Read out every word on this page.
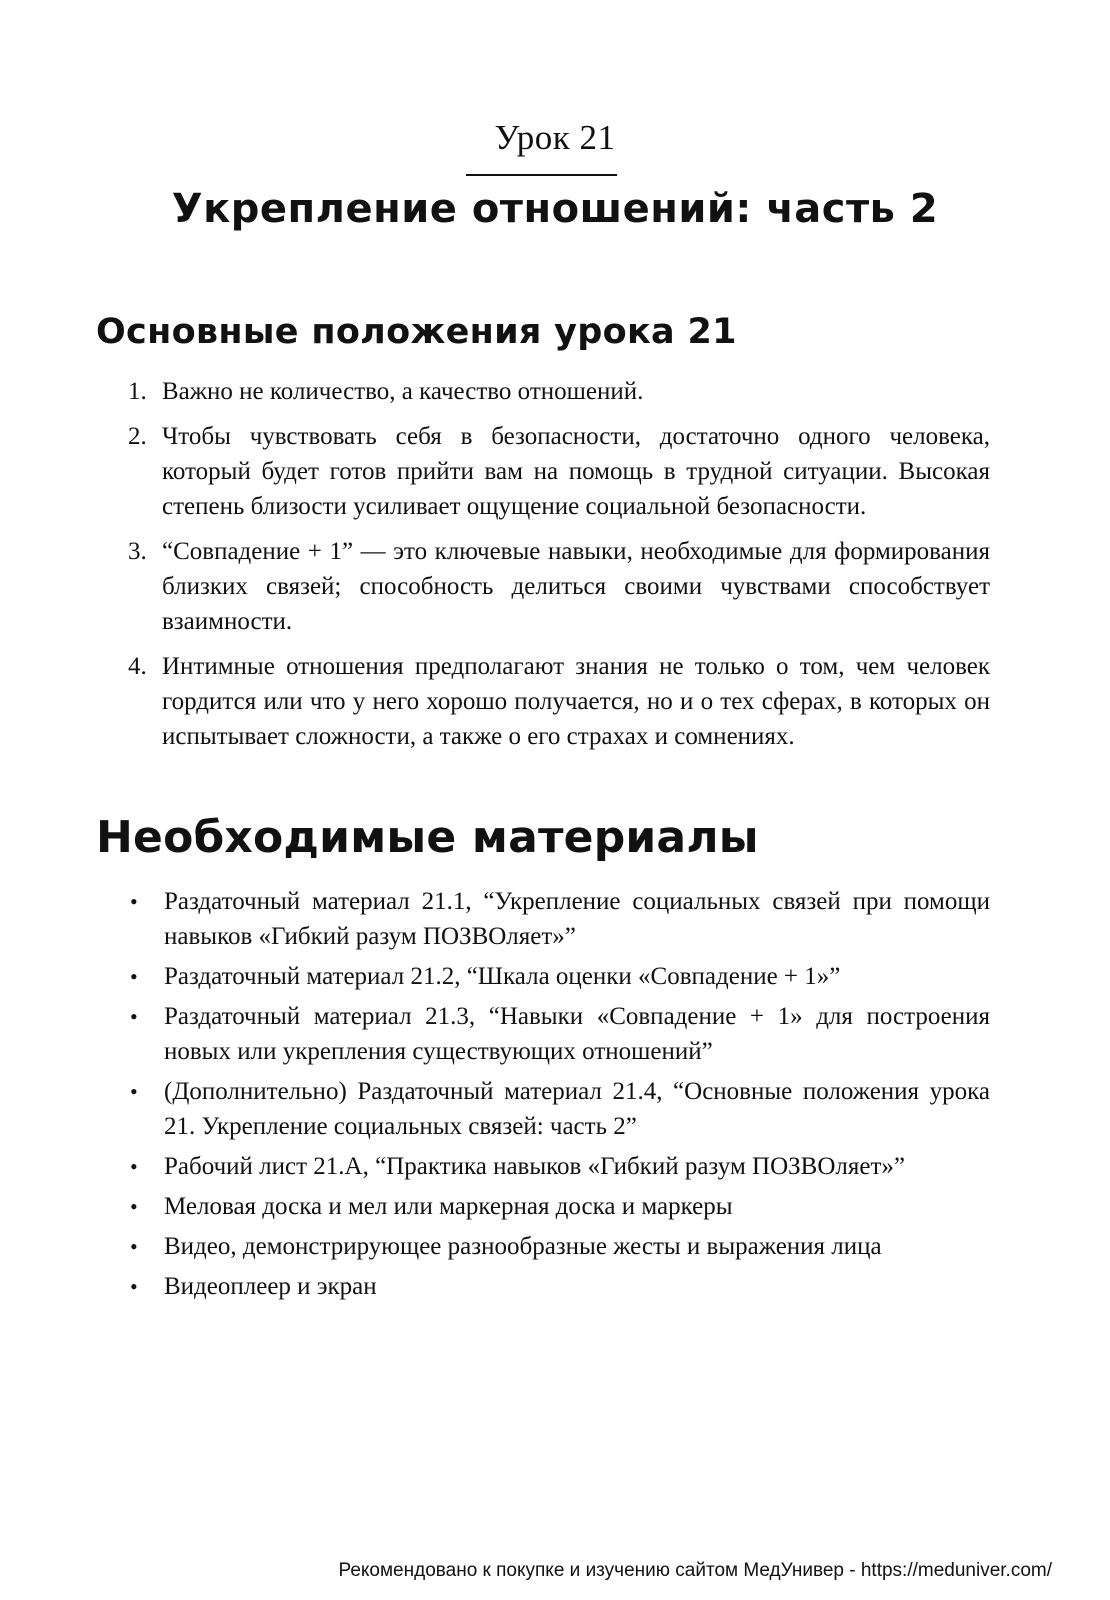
Урок 21
Укрепление отношений: часть 2
Основные положения урока 21
1. Важно не количество, а качество отношений.
2. Чтобы чувствовать себя в безопасности, достаточно одного человека, который будет готов прийти вам на помощь в трудной ситуации. Высокая степень близости усиливает ощущение социальной безопасности.
3. “Совпадение + 1” — это ключевые навыки, необходимые для формирования близких связей; способность делиться своими чувствами способствует взаимности.
4. Интимные отношения предполагают знания не только о том, чем человек гордится или что у него хорошо получается, но и о тех сферах, в которых он испытывает сложности, а также о его страхах и сомнениях.
Необходимые материалы
• Раздаточный материал 21.1, “Укрепление социальных связей при помощи навыков «Гибкий разум ПОЗВОляет»”
• Раздаточный материал 21.2, “Шкала оценки «Совпадение + 1»”
• Раздаточный материал 21.3, “Навыки «Совпадение + 1» для построения новых или укрепления существующих отношений”
• (Дополнительно) Раздаточный материал 21.4, “Основные положения урока 21. Укрепление социальных связей: часть 2”
• Рабочий лист 21.А, “Практика навыков «Гибкий разум ПОЗВОляет»”
• Меловая доска и мел или маркерная доска и маркеры
• Видео, демонстрирующее разнообразные жесты и выражения лица
• Видеоплеер и экран
Рекомендовано к покупке и изучению сайтом МедУнивер - https://meduniver.com/
